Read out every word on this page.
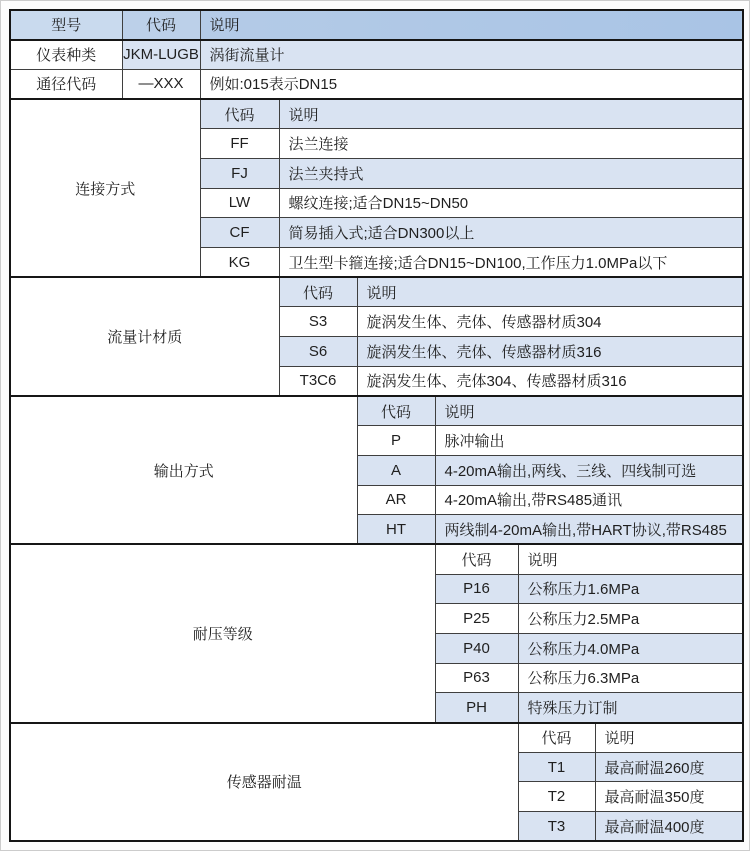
型号	代码	说明					
仪表种类	JKM-LUGB	涡街流量计					
通径代码	—XXX	例如:015表示DN15					
连接方式		代码	说明				
		FF	法兰连接				
		FJ	法兰夹持式				
		LW	螺纹连接;适合DN15~DN50				
		CF	简易插入式;适合DN300以上				
		KG	卫生型卡箍连接;适合DN15~DN100,工作压力1.0MPa以下				
流量计材质			代码	说明			
			S3	旋涡发生体、壳体、传感器材质304			
			S6	旋涡发生体、壳体、传感器材质316			
			T3C6	旋涡发生体、壳体304、传感器材质316			
输出方式				代码	说明		
				P	脉冲输出		
				A	4-20mA输出,两线、三线、四线制可选		
				AR	4-20mA输出,带RS485通讯		
				HT	两线制4-20mA输出,带HART协议,带RS485		
耐压等级					代码	说明	
					P16	公称压力1.6MPa	
					P25	公称压力2.5MPa	
					P40	公称压力4.0MPa	
					P63	公称压力6.3MPa	
					PH	特殊压力订制	
传感器耐温						代码	说明
						T1	最高耐温260度
						T2	最高耐温350度
						T3	最高耐温400度
